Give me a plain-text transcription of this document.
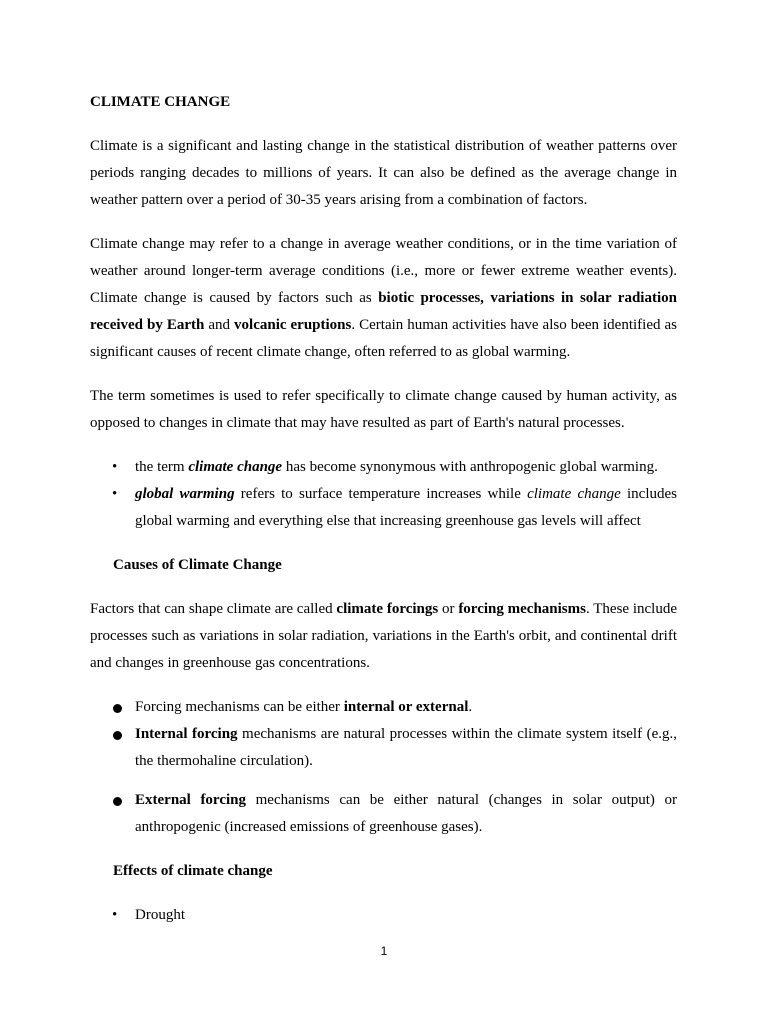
CLIMATE CHANGE

Climate is a significant and lasting change in the statistical distribution of weather patterns over periods ranging decades to millions of years. It can also be defined as the average change in weather pattern over a period of 30-35 years arising from a combination of factors.

Climate change may refer to a change in average weather conditions, or in the time variation of weather around longer-term average conditions (i.e., more or fewer extreme weather events). Climate change is caused by factors such as biotic processes, variations in solar radiation received by Earth and volcanic eruptions. Certain human activities have also been identified as significant causes of recent climate change, often referred to as global warming.

The term sometimes is used to refer specifically to climate change caused by human activity, as opposed to changes in climate that may have resulted as part of Earth's natural processes.

• the term climate change has become synonymous with anthropogenic global warming.
• global warming refers to surface temperature increases while climate change includes global warming and everything else that increasing greenhouse gas levels will affect
Causes of Climate Change

Factors that can shape climate are called climate forcings or forcing mechanisms. These include processes such as variations in solar radiation, variations in the Earth's orbit, and continental drift and changes in greenhouse gas concentrations.

Forcing mechanisms can be either internal or external.
Internal forcing mechanisms are natural processes within the climate system itself (e.g., the thermohaline circulation).
External forcing mechanisms can be either natural (changes in solar output) or anthropogenic (increased emissions of greenhouse gases).
Effects of climate change
• Drought
1
